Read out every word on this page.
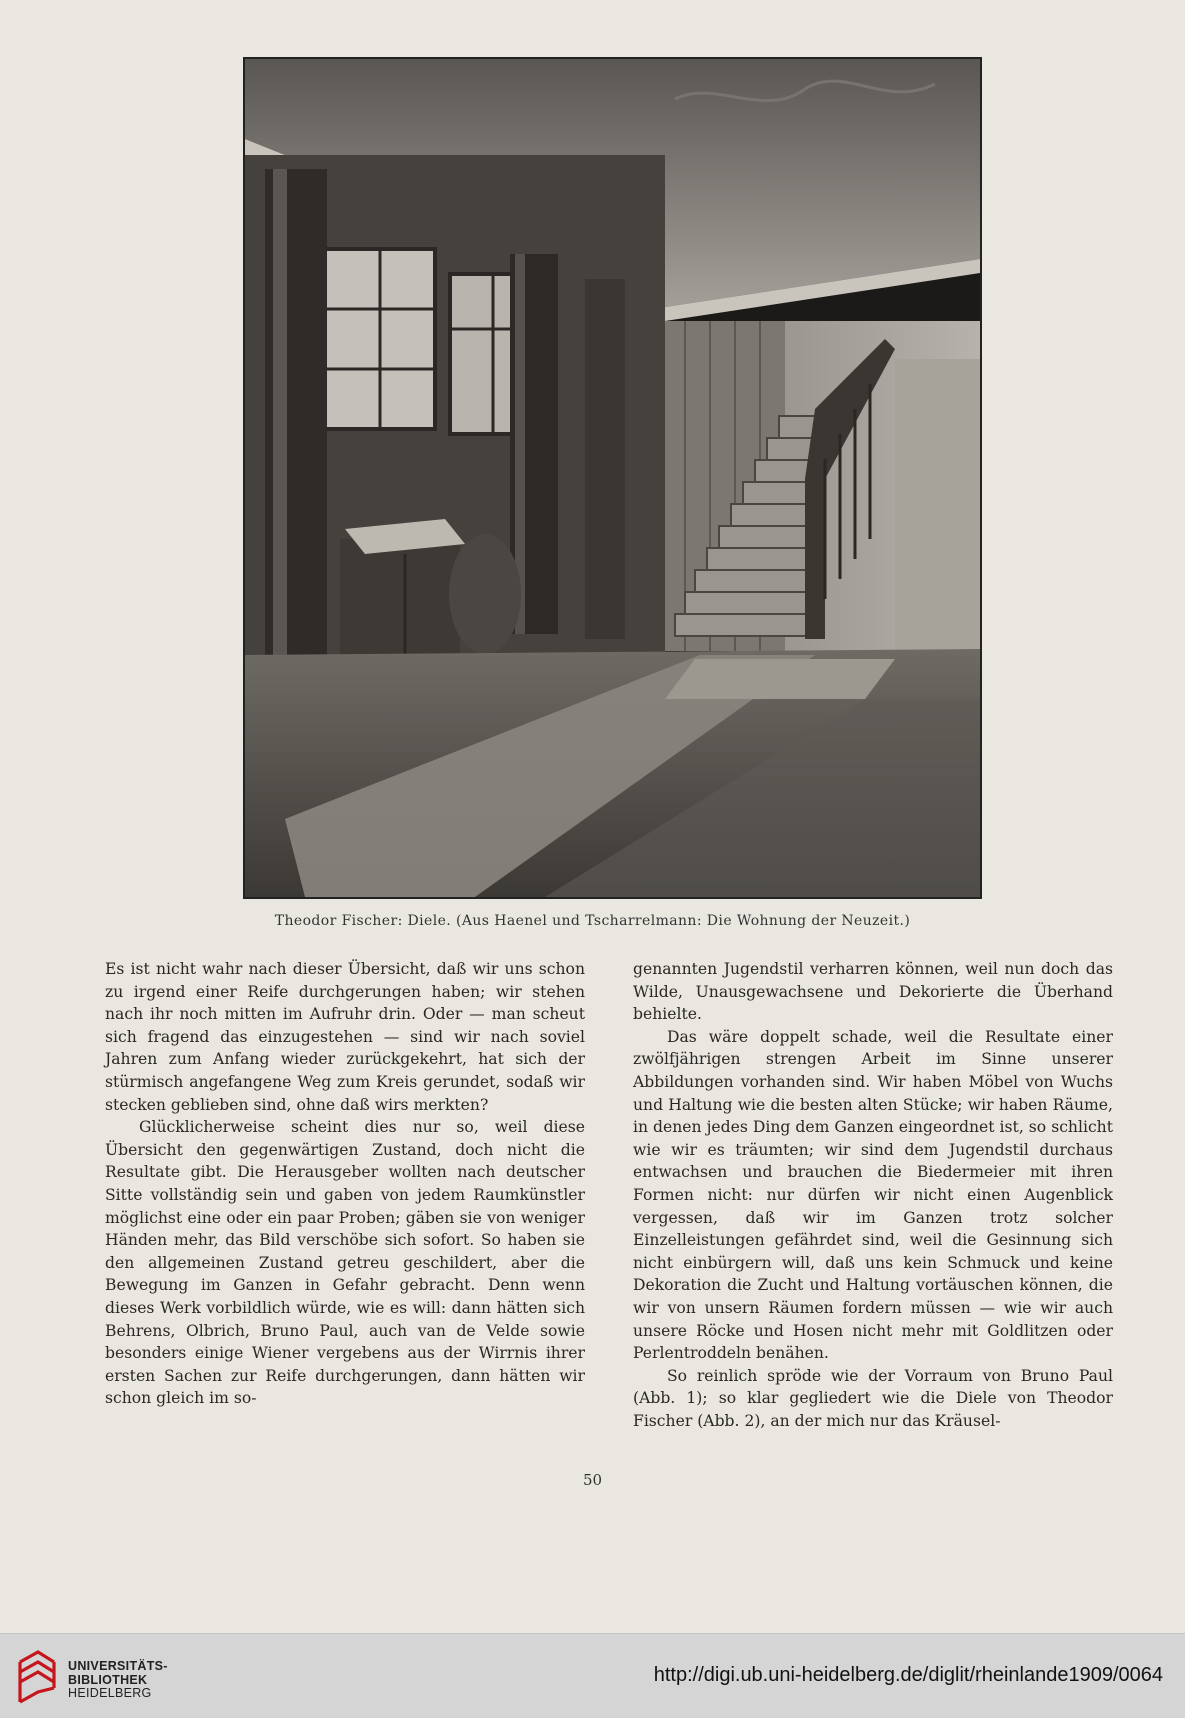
Theodor Fischer: Diele. (Aus Haenel und Tscharrelmann: Die Wohnung der Neuzeit.)

Es ist nicht wahr nach dieser Übersicht, daß wir uns schon zu irgend einer Reife durchgerungen haben; wir stehen nach ihr noch mitten im Aufruhr drin. Oder — man scheut sich fragend das einzugestehen — sind wir nach soviel Jahren zum Anfang wieder zurückgekehrt, hat sich der stürmisch angefangene Weg zum Kreis gerundet, sodaß wir stecken geblieben sind, ohne daß wirs merkten?

Glücklicherweise scheint dies nur so, weil diese Übersicht den gegenwärtigen Zustand, doch nicht die Resultate gibt. Die Herausgeber wollten nach deutscher Sitte vollständig sein und gaben von jedem Raumkünstler möglichst eine oder ein paar Proben; gäben sie von weniger Händen mehr, das Bild verschöbe sich sofort. So haben sie den allgemeinen Zustand getreu geschildert, aber die Bewegung im Ganzen in Gefahr gebracht. Denn wenn dieses Werk vorbildlich würde, wie es will: dann hätten sich Behrens, Olbrich, Bruno Paul, auch van de Velde sowie besonders einige Wiener vergebens aus der Wirrnis ihrer ersten Sachen zur Reife durchgerungen, dann hätten wir schon gleich im so-

genannten Jugendstil verharren können, weil nun doch das Wilde, Unausgewachsene und Dekorierte die Überhand behielte.

Das wäre doppelt schade, weil die Resultate einer zwölfjährigen strengen Arbeit im Sinne unserer Abbildungen vorhanden sind. Wir haben Möbel von Wuchs und Haltung wie die besten alten Stücke; wir haben Räume, in denen jedes Ding dem Ganzen eingeordnet ist, so schlicht wie wir es träumten; wir sind dem Jugendstil durchaus entwachsen und brauchen die Biedermeier mit ihren Formen nicht: nur dürfen wir nicht einen Augenblick vergessen, daß wir im Ganzen trotz solcher Einzelleistungen gefährdet sind, weil die Gesinnung sich nicht einbürgern will, daß uns kein Schmuck und keine Dekoration die Zucht und Haltung vortäuschen können, die wir von unsern Räumen fordern müssen — wie wir auch unsere Röcke und Hosen nicht mehr mit Goldlitzen oder Perlentroddeln benähen.

So reinlich spröde wie der Vorraum von Bruno Paul (Abb. 1); so klar gegliedert wie die Diele von Theodor Fischer (Abb. 2), an der mich nur das Kräusel-

50
UNIVERSITÄTS-
BIBLIOTHEK
HEIDELBERG
http://digi.ub.uni-heidelberg.de/diglit/rheinlande1909/0064
